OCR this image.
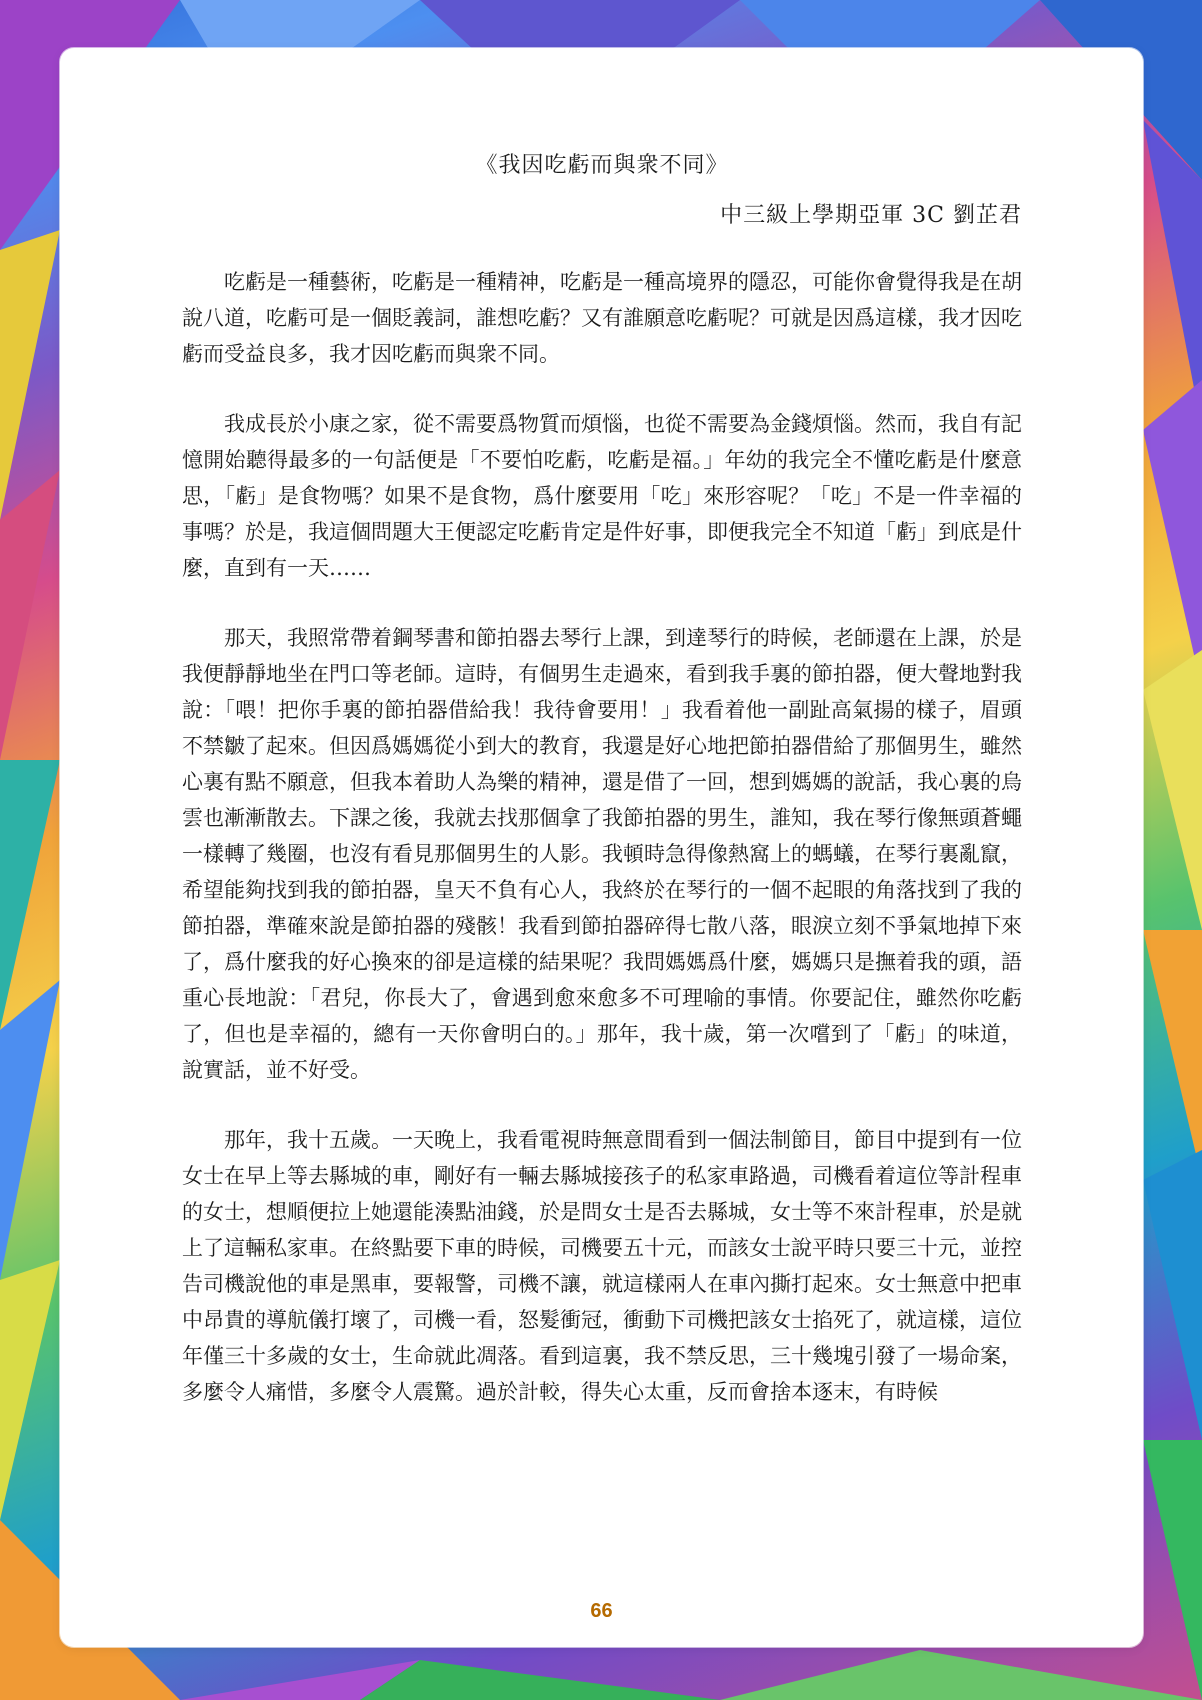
《我因吃虧而與衆不同》
中三級上學期亞軍 3C 劉芷君

吃虧是一種藝術，吃虧是一種精神，吃虧是一種高境界的隱忍，可能你會覺得我是在胡說八道，吃虧可是一個貶義詞，誰想吃虧？又有誰願意吃虧呢？可就是因爲這樣，我才因吃虧而受益良多，我才因吃虧而與衆不同。

我成長於小康之家，從不需要爲物質而煩惱，也從不需要為金錢煩惱。然而，我自有記憶開始聽得最多的一句話便是「不要怕吃虧，吃虧是福。」年幼的我完全不懂吃虧是什麼意思，「虧」是食物嗎？如果不是食物，爲什麼要用「吃」來形容呢？「吃」不是一件幸福的事嗎？於是，我這個問題大王便認定吃虧肯定是件好事，即便我完全不知道「虧」到底是什麼，直到有一天……

那天，我照常帶着鋼琴書和節拍器去琴行上課，到達琴行的時候，老師還在上課，於是我便靜靜地坐在門口等老師。這時，有個男生走過來，看到我手裏的節拍器，便大聲地對我說：「喂！把你手裏的節拍器借給我！我待會要用！」我看着他一副趾高氣揚的樣子，眉頭不禁皺了起來。但因爲媽媽從小到大的教育，我還是好心地把節拍器借給了那個男生，雖然心裏有點不願意，但我本着助人為樂的精神，還是借了一回，想到媽媽的說話，我心裏的烏雲也漸漸散去。下課之後，我就去找那個拿了我節拍器的男生，誰知，我在琴行像無頭蒼蠅一樣轉了幾圈，也沒有看見那個男生的人影。我頓時急得像熱窩上的螞蟻，在琴行裏亂竄，希望能夠找到我的節拍器，皇天不負有心人，我終於在琴行的一個不起眼的角落找到了我的節拍器，準確來說是節拍器的殘骸！我看到節拍器碎得七散八落，眼淚立刻不爭氣地掉下來了，爲什麼我的好心換來的卻是這樣的結果呢？我問媽媽爲什麼，媽媽只是撫着我的頭，語重心長地說：「君兒，你長大了，會遇到愈來愈多不可理喻的事情。你要記住，雖然你吃虧了，但也是幸福的，總有一天你會明白的。」那年，我十歲，第一次嚐到了「虧」的味道，說實話，並不好受。

那年，我十五歲。一天晚上，我看電視時無意間看到一個法制節目，節目中提到有一位女士在早上等去縣城的車，剛好有一輛去縣城接孩子的私家車路過，司機看着這位等計程車的女士，想順便拉上她還能湊點油錢，於是問女士是否去縣城，女士等不來計程車，於是就上了這輛私家車。在終點要下車的時候，司機要五十元，而該女士說平時只要三十元，並控告司機說他的車是黑車，要報警，司機不讓，就這樣兩人在車內撕打起來。女士無意中把車中昂貴的導航儀打壞了，司機一看，怒髮衝冠，衝動下司機把該女士掐死了，就這樣，這位年僅三十多歲的女士，生命就此凋落。看到這裏，我不禁反思，三十幾塊引發了一場命案，多麼令人痛惜，多麼令人震驚。過於計較，得失心太重，反而會捨本逐末，有時候

66
